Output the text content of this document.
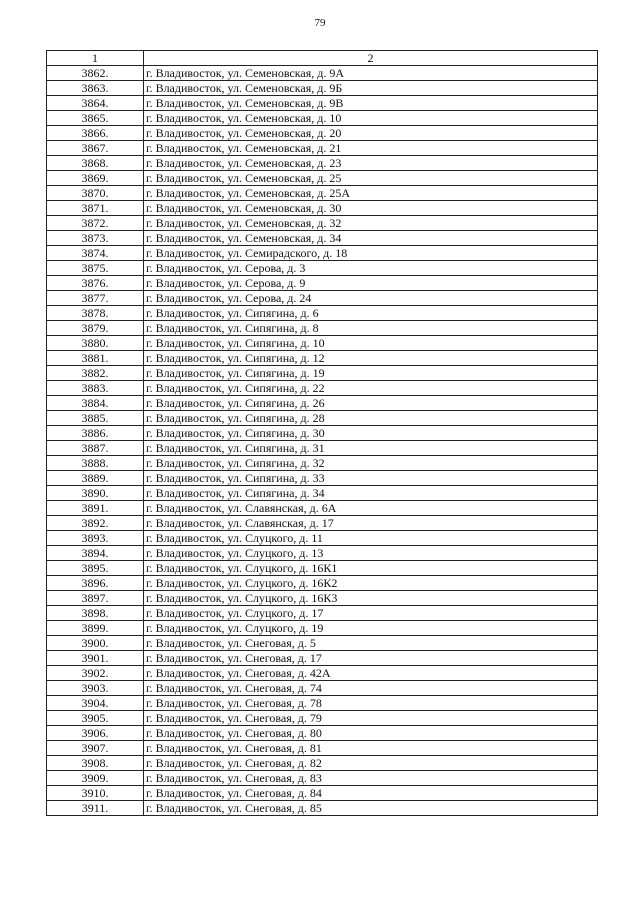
79
1	2
3862.	г. Владивосток, ул. Семеновская, д. 9А
3863.	г. Владивосток, ул. Семеновская, д. 9Б
3864.	г. Владивосток, ул. Семеновская, д. 9В
3865.	г. Владивосток, ул. Семеновская, д. 10
3866.	г. Владивосток, ул. Семеновская, д. 20
3867.	г. Владивосток, ул. Семеновская, д. 21
3868.	г. Владивосток, ул. Семеновская, д. 23
3869.	г. Владивосток, ул. Семеновская, д. 25
3870.	г. Владивосток, ул. Семеновская, д. 25А
3871.	г. Владивосток, ул. Семеновская, д. 30
3872.	г. Владивосток, ул. Семеновская, д. 32
3873.	г. Владивосток, ул. Семеновская, д. 34
3874.	г. Владивосток, ул. Семирадского, д. 18
3875.	г. Владивосток, ул. Серова, д. 3
3876.	г. Владивосток, ул. Серова, д. 9
3877.	г. Владивосток, ул. Серова, д. 24
3878.	г. Владивосток, ул. Сипягина, д. 6
3879.	г. Владивосток, ул. Сипягина, д. 8
3880.	г. Владивосток, ул. Сипягина, д. 10
3881.	г. Владивосток, ул. Сипягина, д. 12
3882.	г. Владивосток, ул. Сипягина, д. 19
3883.	г. Владивосток, ул. Сипягина, д. 22
3884.	г. Владивосток, ул. Сипягина, д. 26
3885.	г. Владивосток, ул. Сипягина, д. 28
3886.	г. Владивосток, ул. Сипягина, д. 30
3887.	г. Владивосток, ул. Сипягина, д. 31
3888.	г. Владивосток, ул. Сипягина, д. 32
3889.	г. Владивосток, ул. Сипягина, д. 33
3890.	г. Владивосток, ул. Сипягина, д. 34
3891.	г. Владивосток, ул. Славянская, д. 6А
3892.	г. Владивосток, ул. Славянская, д. 17
3893.	г. Владивосток, ул. Слуцкого, д. 11
3894.	г. Владивосток, ул. Слуцкого, д. 13
3895.	г. Владивосток, ул. Слуцкого, д. 16К1
3896.	г. Владивосток, ул. Слуцкого, д. 16К2
3897.	г. Владивосток, ул. Слуцкого, д. 16К3
3898.	г. Владивосток, ул. Слуцкого, д. 17
3899.	г. Владивосток, ул. Слуцкого, д. 19
3900.	г. Владивосток, ул. Снеговая, д. 5
3901.	г. Владивосток, ул. Снеговая, д. 17
3902.	г. Владивосток, ул. Снеговая, д. 42А
3903.	г. Владивосток, ул. Снеговая, д. 74
3904.	г. Владивосток, ул. Снеговая, д. 78
3905.	г. Владивосток, ул. Снеговая, д. 79
3906.	г. Владивосток, ул. Снеговая, д. 80
3907.	г. Владивосток, ул. Снеговая, д. 81
3908.	г. Владивосток, ул. Снеговая, д. 82
3909.	г. Владивосток, ул. Снеговая, д. 83
3910.	г. Владивосток, ул. Снеговая, д. 84
3911.	г. Владивосток, ул. Снеговая, д. 85
